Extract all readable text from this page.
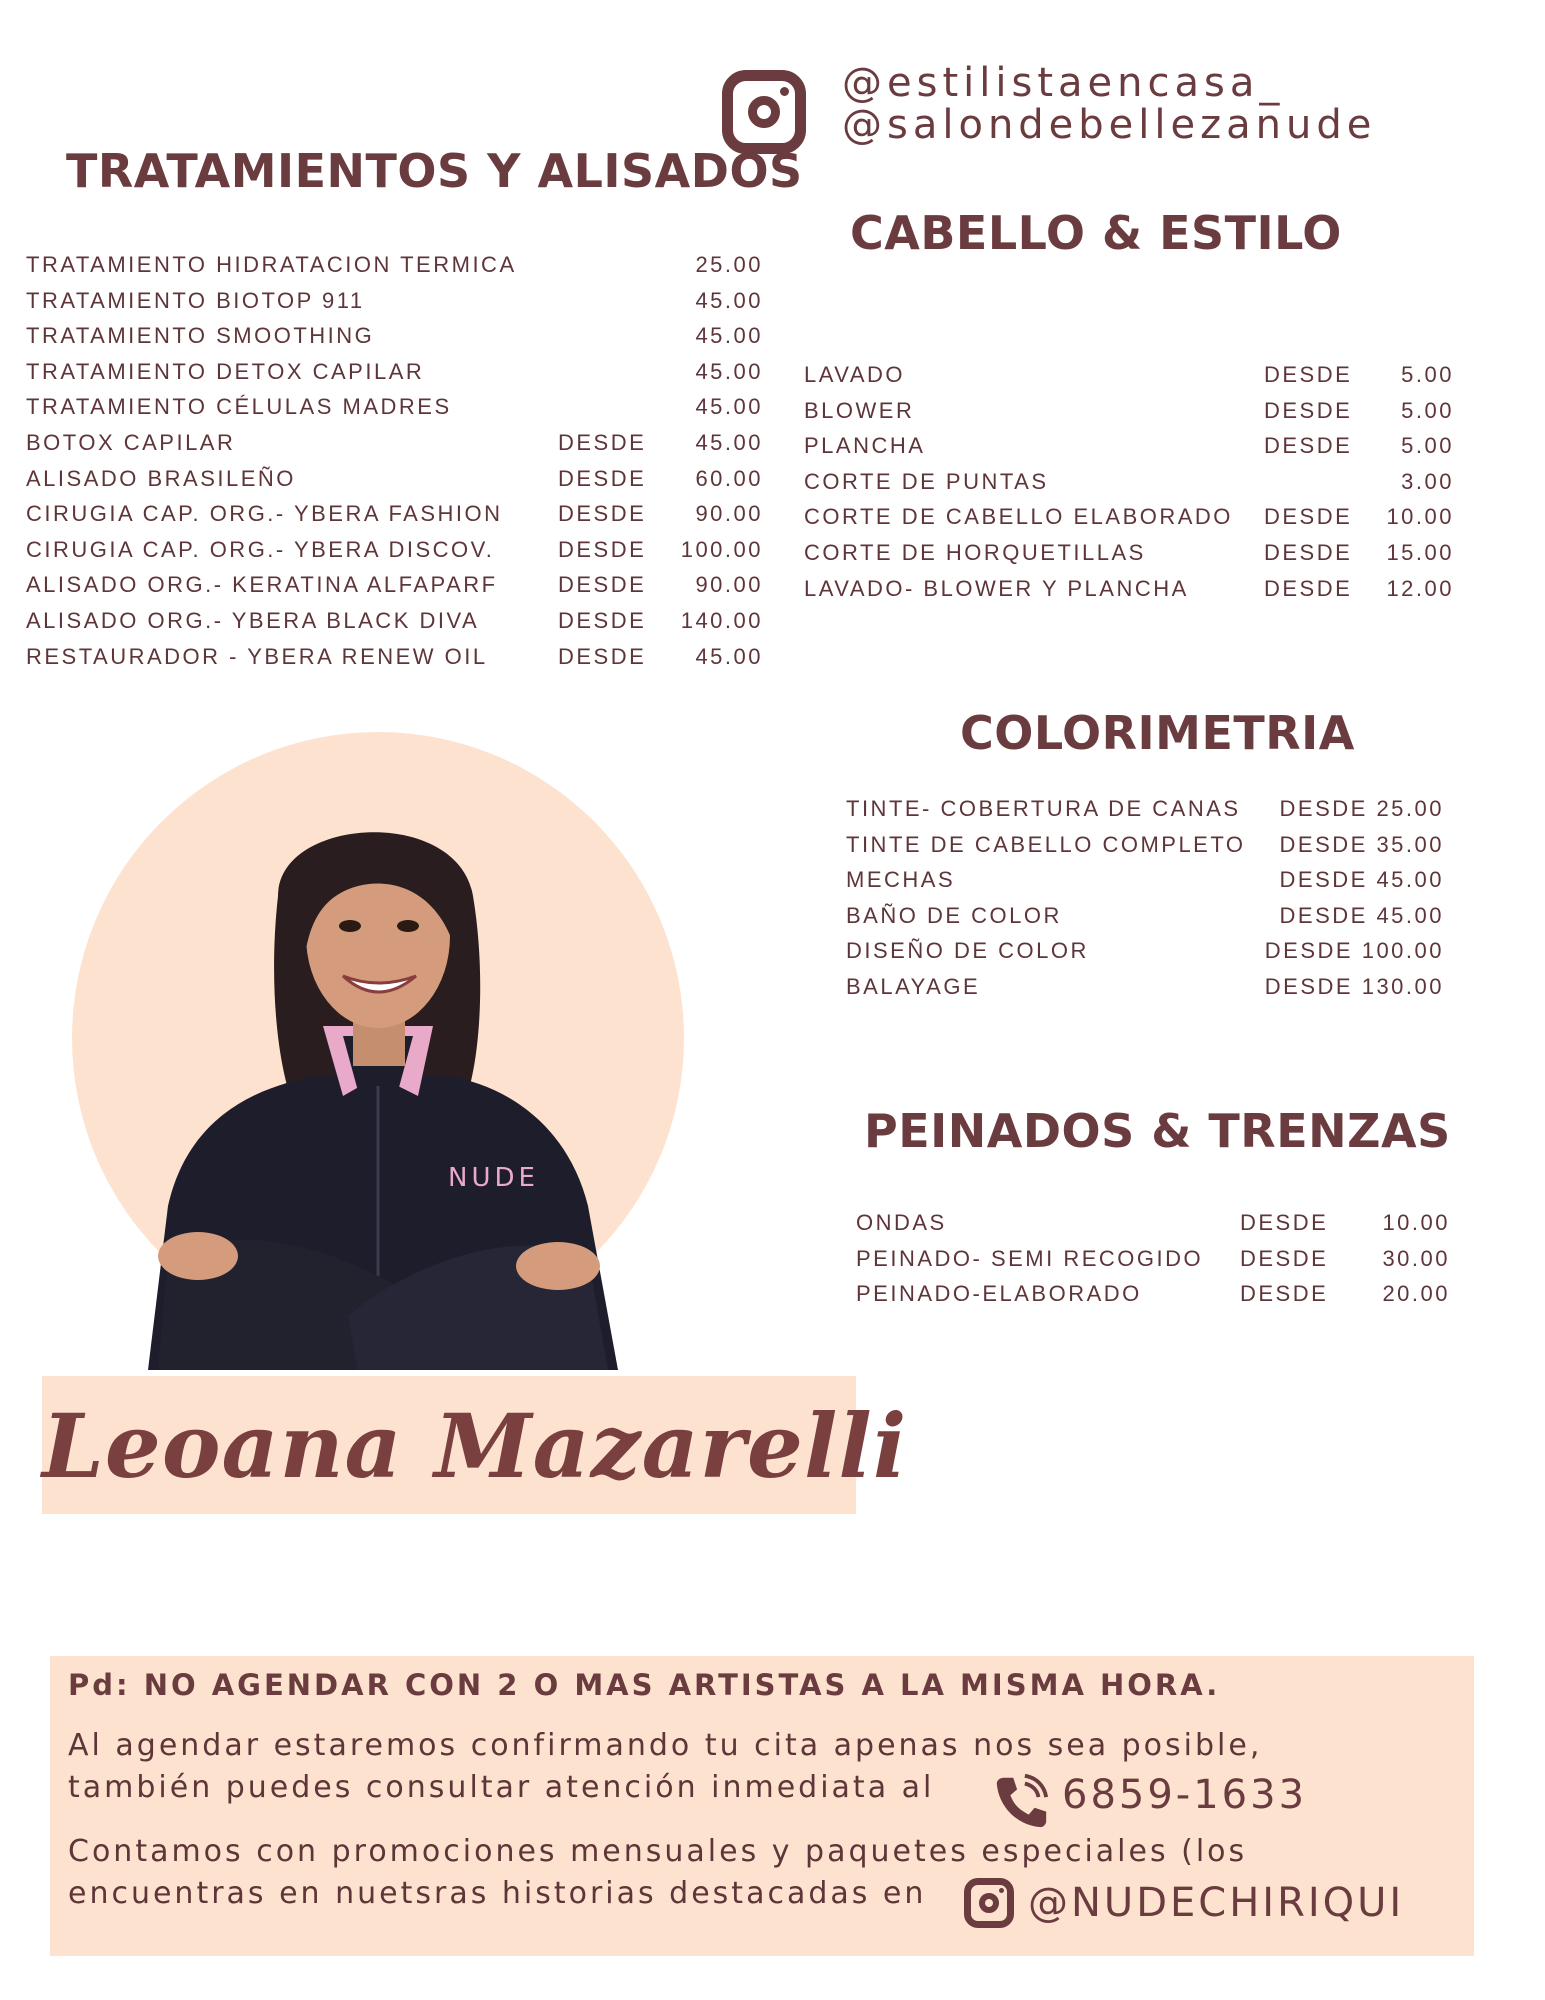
@estilistaencasa_
@salondebellezanude
TRATAMIENTOS Y ALISADOS
CABELLO & ESTILO
COLORIMETRIA
PEINADOS & TRENZAS
TRATAMIENTO HIDRATACION TERMICA	25.00
TRATAMIENTO BIOTOP 911	45.00
TRATAMIENTO SMOOTHING	45.00
TRATAMIENTO DETOX CAPILAR	45.00
TRATAMIENTO CÉLULAS MADRES	45.00
BOTOX CAPILAR	DESDE 45.00
ALISADO BRASILEÑO	DESDE 60.00
CIRUGIA CAP. ORG.- YBERA FASHION	DESDE 90.00
CIRUGIA CAP. ORG.- YBERA DISCOV.	DESDE 100.00
ALISADO ORG.- KERATINA ALFAPARF	DESDE 90.00
ALISADO ORG.- YBERA BLACK DIVA	DESDE 140.00
RESTAURADOR - YBERA RENEW OIL	DESDE 45.00
LAVADO	DESDE 5.00
BLOWER	DESDE 5.00
PLANCHA	DESDE 5.00
CORTE DE PUNTAS	3.00
CORTE DE CABELLO ELABORADO DESDE 10.00
CORTE DE HORQUETILLAS	DESDE 15.00
LAVADO- BLOWER Y PLANCHA	DESDE 12.00
TINTE- COBERTURA DE CANAS DESDE 25.00
TINTE DE CABELLO COMPLETO DESDE 35.00
MECHAS	DESDE 45.00
BAÑO DE COLOR	DESDE 45.00
DISEÑO DE COLOR	DESDE 100.00
BALAYAGE	DESDE 130.00
ONDAS	DESDE 10.00
PEINADO- SEMI RECOGIDO DESDE 30.00
PEINADO-ELABORADO	DESDE 20.00
NUDE
Leoana Mazarelli
Pd: NO AGENDAR CON 2 O MAS ARTISTAS A LA MISMA HORA.
Al agendar estaremos confirmando tu cita apenas nos sea posible,
también puedes consultar atención inmediata al	6859-1633
Contamos con promociones mensuales y paquetes especiales (los
encuentras en nuetsras historias destacadas en	@NUDECHIRIQUI
